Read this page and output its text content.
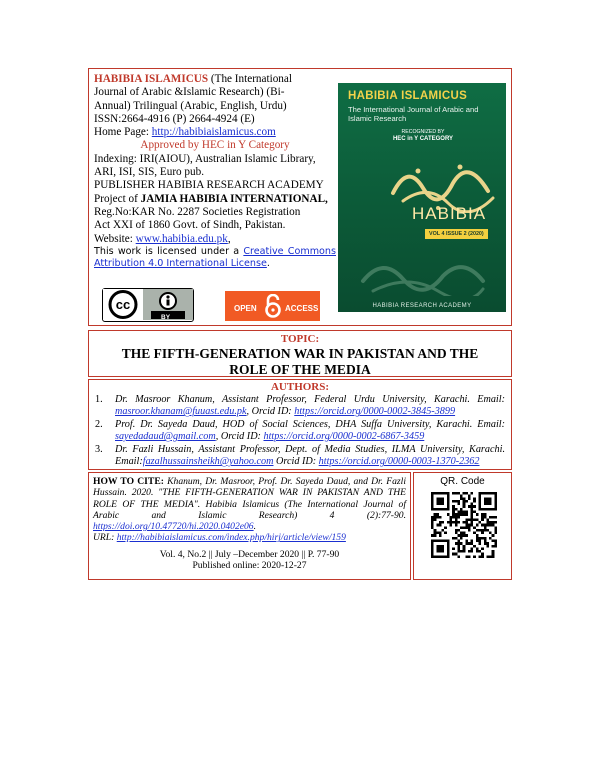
HABIBIA ISLAMICUS (The International
Journal of Arabic &Islamic Research) (Bi-
Annual) Trilingual (Arabic, English, Urdu)
ISSN:2664-4916 (P) 2664-4924 (E)
Home Page: http://habibiaislamicus.com
Approved by HEC in Y Category
Indexing: IRI(AIOU), Australian Islamic Library,
ARI, ISI, SIS, Euro pub.
PUBLISHER HABIBIA RESEARCH ACADEMY
Project of JAMIA HABIBIA INTERNATIONAL,
Reg.No:KAR No. 2287 Societies Registration
Act XXI of 1860 Govt. of Sindh, Pakistan.
Website: www.habibia.edu.pk,
This work is licensed under a Creative Commons Attribution 4.0 International License.
cc
BY
OPEN	ACCESS
HABIBIA ISLAMICUS
The International Journal of Arabic and Islamic Research
RECOGNIZED BY
HEC in Y CATEGORY
HABIBIA
VOL 4 ISSUE 2 (2020)
HABIBIA RESEARCH ACADEMY
TOPIC:
THE FIFTH-GENERATION WAR IN PAKISTAN AND THE
ROLE OF THE MEDIA
AUTHORS:
1. Dr. Masroor Khanum, Assistant Professor, Federal Urdu University, Karachi. Email: masroor.khanam@fuuast.edu.pk, Orcid ID: https://orcid.org/0000-0002-3845-3899
2. Prof. Dr. Sayeda Daud, HOD of Social Sciences, DHA Suffa University, Karachi. Email: sayedadaud@gmail.com, Orcid ID: https://orcid.org/0000-0002-6867-3459
3. Dr. Fazli Hussain, Assistant Professor, Dept. of Media Studies, ILMA University, Karachi. Email:fazalhussainsheikh@yahoo.com Orcid ID: https://orcid.org/0000-0003-1370-2362
HOW TO CITE: Khanum, Dr. Masroor, Prof. Dr. Sayeda Daud, and Dr. Fazli Hussain. 2020. "THE FIFTH-GENERATION WAR IN PAKISTAN AND THE ROLE OF THE MEDIA". Habibia Islamicus (The International Journal of Arabic and Islamic Research) 4 (2):77-90. https://doi.org/10.47720/hi.2020.0402e06.
URL: http://habibiaislamicus.com/index.php/hirj/article/view/159
Vol. 4, No.2 || July –December 2020 || P. 77-90
Published online: 2020-12-27
QR. Code
